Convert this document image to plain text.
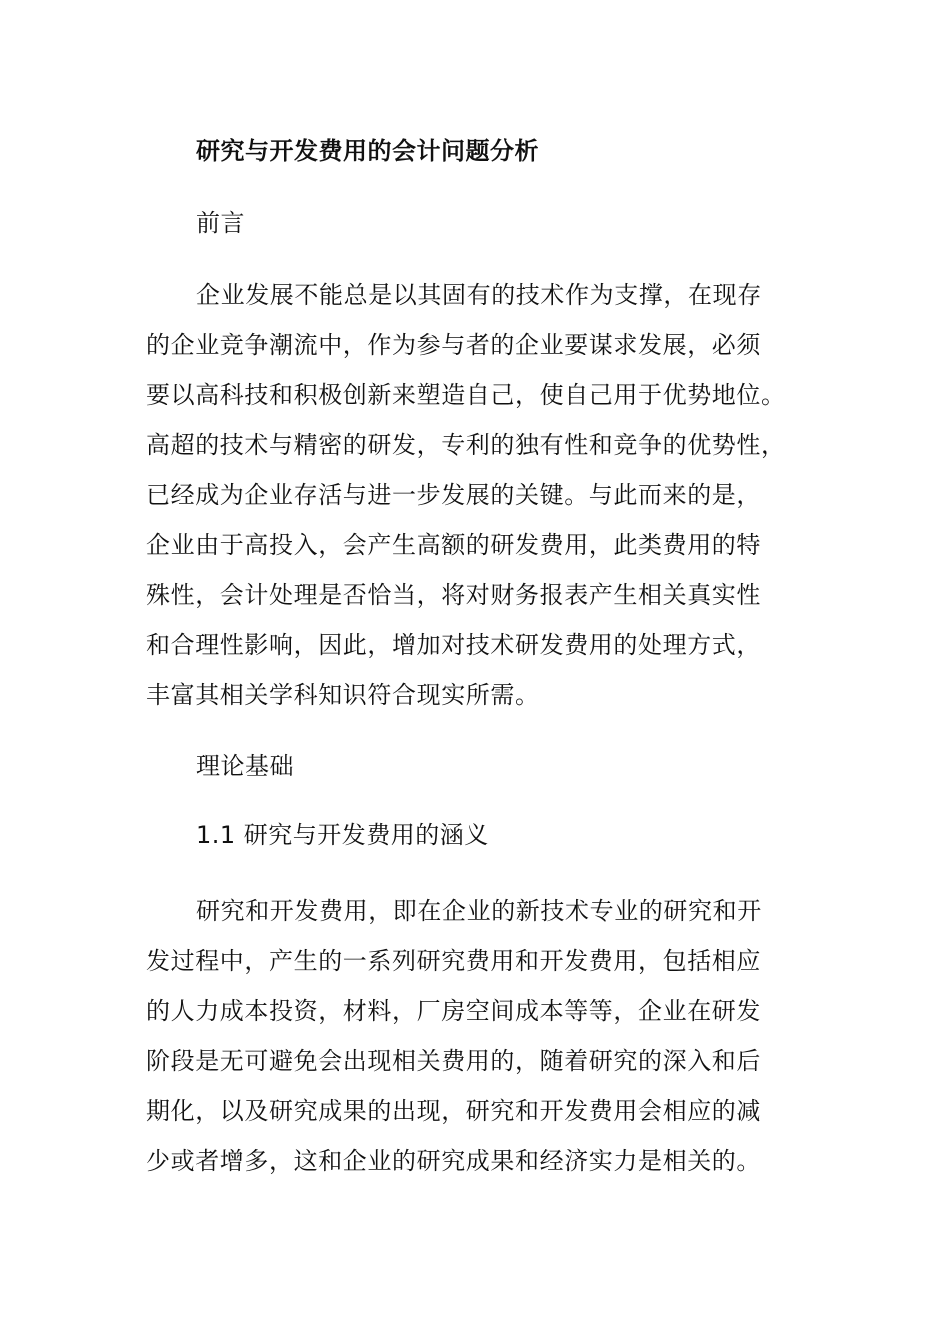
研究与开发费用的会计问题分析
前言
企业发展不能总是以其固有的技术作为支撑，在现存
的企业竞争潮流中，作为参与者的企业要谋求发展，必须
要以高科技和积极创新来塑造自己，使自己用于优势地位。
高超的技术与精密的研发，专利的独有性和竞争的优势性，
已经成为企业存活与进一步发展的关键。与此而来的是，
企业由于高投入，会产生高额的研发费用，此类费用的特
殊性，会计处理是否恰当，将对财务报表产生相关真实性
和合理性影响，因此，增加对技术研发费用的处理方式，
丰富其相关学科知识符合现实所需。
理论基础
1.1 研究与开发费用的涵义
研究和开发费用，即在企业的新技术专业的研究和开
发过程中，产生的一系列研究费用和开发费用，包括相应
的人力成本投资，材料，厂房空间成本等等，企业在研发
阶段是无可避免会出现相关费用的，随着研究的深入和后
期化，以及研究成果的出现，研究和开发费用会相应的减
少或者增多，这和企业的研究成果和经济实力是相关的。
